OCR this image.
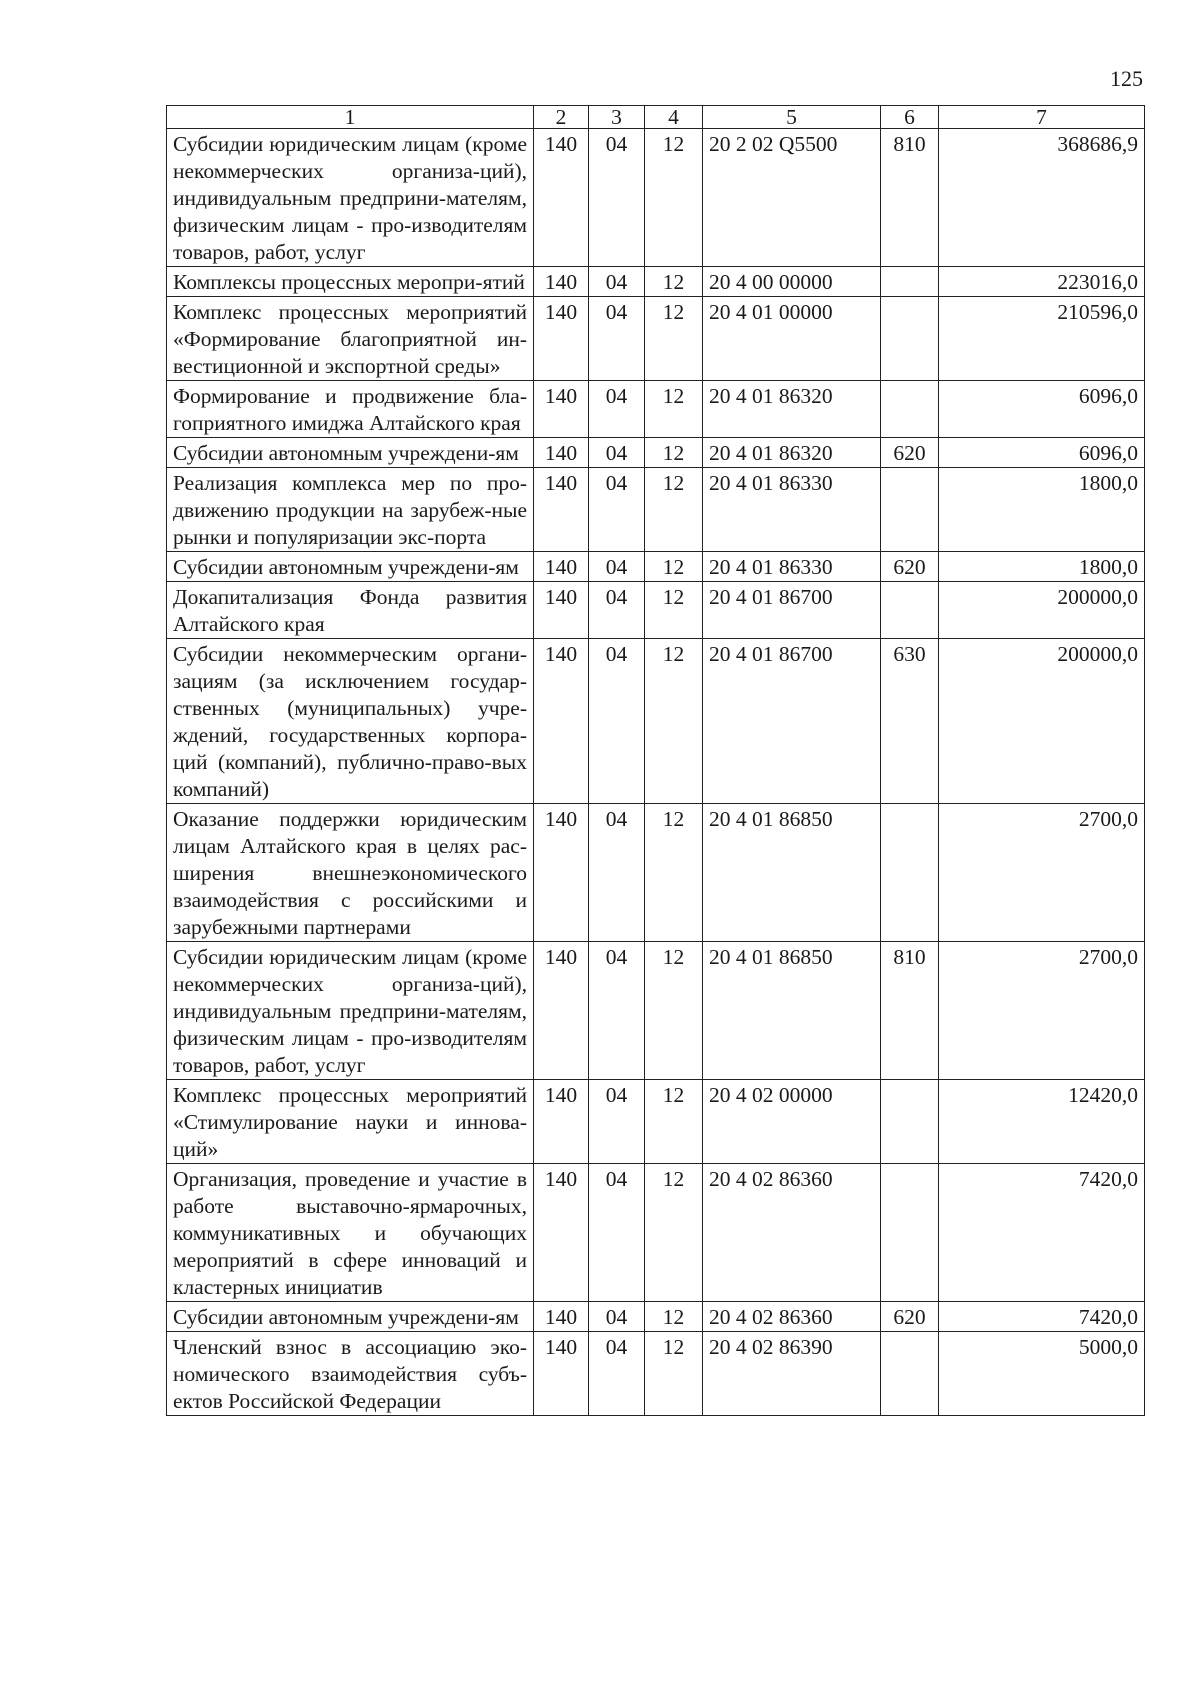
125
1	2	3	4	5	6	7
Субсидии юридическим лицам (кроме некоммерческих организа-ций), индивидуальным предприни-мателям, физическим лицам - про-изводителям товаров, работ, услуг	140	04	12	20 2 02 Q5500	810	368686,9
Комплексы процессных меропри-ятий	140	04	12	20 4 00 00000		223016,0
Комплекс процессных мероприятий «Формирование благоприятной ин-вестиционной и экспортной среды»	140	04	12	20 4 01 00000		210596,0
Формирование и продвижение бла-гоприятного имиджа Алтайского края	140	04	12	20 4 01 86320		6096,0
Субсидии автономным учреждени-ям	140	04	12	20 4 01 86320	620	6096,0
Реализация комплекса мер по про-движению продукции на зарубеж-ные рынки и популяризации экс-порта	140	04	12	20 4 01 86330		1800,0
Субсидии автономным учреждени-ям	140	04	12	20 4 01 86330	620	1800,0
Докапитализация Фонда развития Алтайского края	140	04	12	20 4 01 86700		200000,0
Субсидии некоммерческим органи-зациям (за исключением государ-ственных (муниципальных) учре-ждений, государственных корпора-ций (компаний), публично-право-вых компаний)	140	04	12	20 4 01 86700	630	200000,0
Оказание поддержки юридическим лицам Алтайского края в целях рас-ширения внешнеэкономического взаимодействия с российскими и зарубежными партнерами	140	04	12	20 4 01 86850		2700,0
Субсидии юридическим лицам (кроме некоммерческих организа-ций), индивидуальным предприни-мателям, физическим лицам - про-изводителям товаров, работ, услуг	140	04	12	20 4 01 86850	810	2700,0
Комплекс процессных мероприятий «Стимулирование науки и иннова-ций»	140	04	12	20 4 02 00000		12420,0
Организация, проведение и участие в работе выставочно-ярмарочных, коммуникативных и обучающих мероприятий в сфере инноваций и кластерных инициатив	140	04	12	20 4 02 86360		7420,0
Субсидии автономным учреждени-ям	140	04	12	20 4 02 86360	620	7420,0
Членский взнос в ассоциацию эко-номического взаимодействия субъ-ектов Российской Федерации	140	04	12	20 4 02 86390		5000,0
